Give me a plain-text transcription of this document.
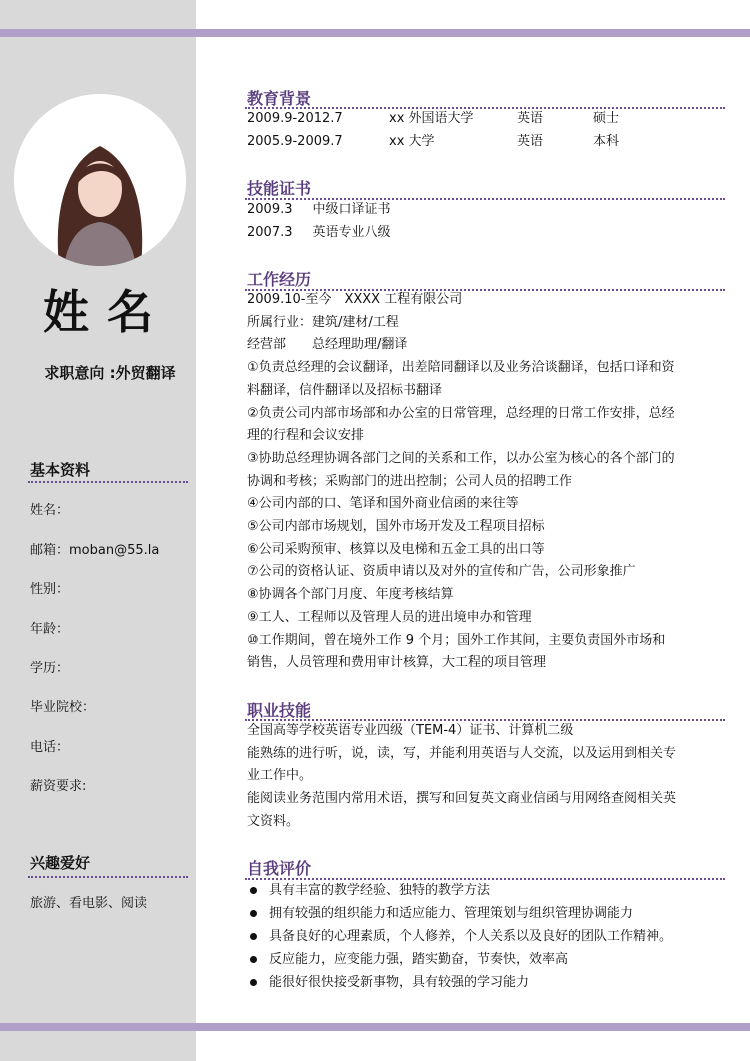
姓名
求职意向 :外贸翻译
基本资料
姓名：
邮箱：moban@55.la
性别：
年龄：
学历：
毕业院校：
电话：
薪资要求:
兴趣爱好
旅游、看电影、阅读
教育背景
2009.9-2012.7	xx 外国语大学	英语	硕士
2005.9-2009.7	xx 大学	英语	本科
技能证书
2009.3 中级口译证书
2007.3 英语专业八级
工作经历
2009.10-至今　XXXX 工程有限公司
所属行业：建筑/建材/工程
经营部　　总经理助理/翻译
①负责总经理的会议翻译，出差陪同翻译以及业务洽谈翻译，包括口译和资
料翻译，信件翻译以及招标书翻译
②负责公司内部市场部和办公室的日常管理，总经理的日常工作安排，总经
理的行程和会议安排
③协助总经理协调各部门之间的关系和工作，以办公室为核心的各个部门的
协调和考核；采购部门的进出控制；公司人员的招聘工作
④公司内部的口、笔译和国外商业信函的来往等
⑤公司内部市场规划，国外市场开发及工程项目招标
⑥公司采购预审、核算以及电梯和五金工具的出口等
⑦公司的资格认证、资质申请以及对外的宣传和广告，公司形象推广
⑧协调各个部门月度、年度考核结算
⑨工人、工程师以及管理人员的进出境申办和管理
⑩工作期间，曾在境外工作 9 个月；国外工作其间，主要负责国外市场和
销售，人员管理和费用审计核算，大工程的项目管理
职业技能
全国高等学校英语专业四级（TEM-4）证书、计算机二级
能熟练的进行听，说，读，写，并能利用英语与人交流，以及运用到相关专
业工作中。
能阅读业务范围内常用术语，撰写和回复英文商业信函与用网络查阅相关英
文资料。
自我评价
具有丰富的教学经验、独特的教学方法
拥有较强的组织能力和适应能力、管理策划与组织管理协调能力
具备良好的心理素质，个人修养，个人关系以及良好的团队工作精神。
反应能力，应变能力强，踏实勤奋，节奏快，效率高
能很好很快接受新事物，具有较强的学习能力
